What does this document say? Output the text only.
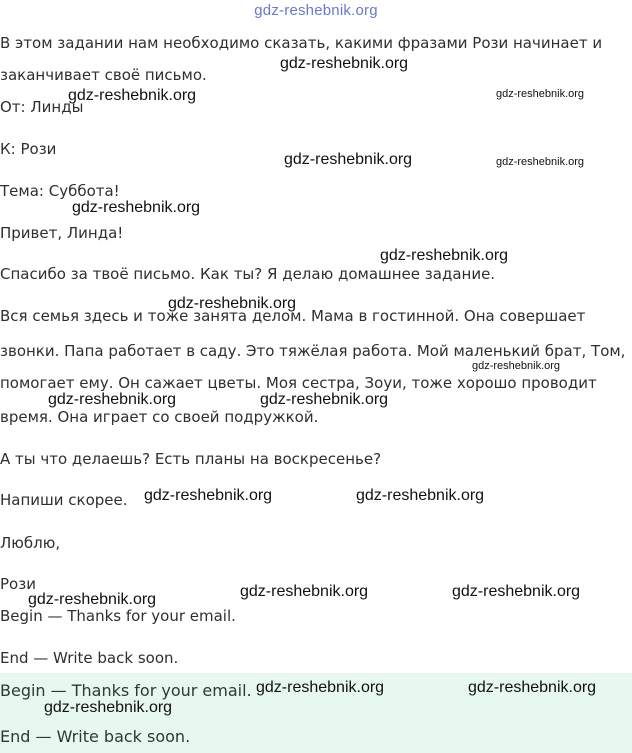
gdz-reshebnik.org
В этом задании нам необходимо сказать, какими фразами Рози начинает и
заканчивает своё письмо.
От: Линды
К: Рози
Тема: Суббота!
Привет, Линда!
Спасибо за твоё письмо. Как ты? Я делаю домашнее задание.
Вся семья здесь и тоже занята делом. Мама в гостинной. Она совершает
звонки. Папа работает в саду. Это тяжёлая работа. Мой маленький брат, Том,
помогает ему. Он сажает цветы. Моя сестра, Зоуи, тоже хорошо проводит
время. Она играет со своей подружкой.
А ты что делаешь? Есть планы на воскресенье?
Напиши скорее.
Люблю,
Рози
Begin — Thanks for your email.
End — Write back soon.
Begin — Thanks for your email.
End — Write back soon.
gdz-reshebnik.org
gdz-reshebnik.org	gdz-reshebnik.org
gdz-reshebnik.org	gdz-reshebnik.org
gdz-reshebnik.org
gdz-reshebnik.org
gdz-reshebnik.org
gdz-reshebnik.org
gdz-reshebnik.org	gdz-reshebnik.org
gdz-reshebnik.org	gdz-reshebnik.org
gdz-reshebnik.org	gdz-reshebnik.org
gdz-reshebnik.org
gdz-reshebnik.org	gdz-reshebnik.org
gdz-reshebnik.org
